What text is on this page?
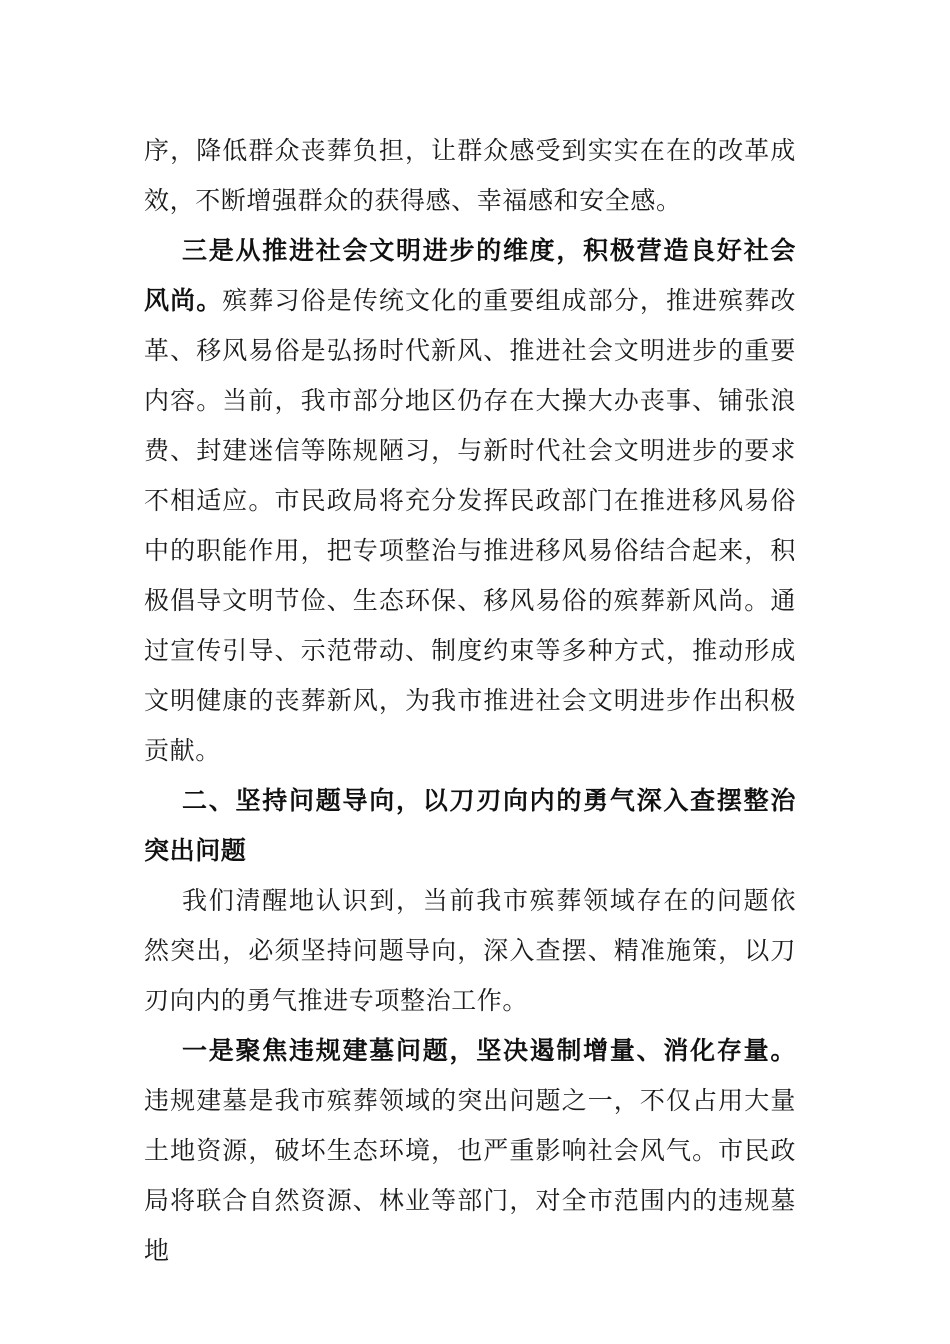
序，降低群众丧葬负担，让群众感受到实实在在的改革成效，不断增强群众的获得感、幸福感和安全感。

三是从推进社会文明进步的维度，积极营造良好社会风尚。殡葬习俗是传统文化的重要组成部分，推进殡葬改革、移风易俗是弘扬时代新风、推进社会文明进步的重要内容。当前，我市部分地区仍存在大操大办丧事、铺张浪费、封建迷信等陈规陋习，与新时代社会文明进步的要求不相适应。市民政局将充分发挥民政部门在推进移风易俗中的职能作用，把专项整治与推进移风易俗结合起来，积极倡导文明节俭、生态环保、移风易俗的殡葬新风尚。通过宣传引导、示范带动、制度约束等多种方式，推动形成文明健康的丧葬新风，为我市推进社会文明进步作出积极贡献。

二、坚持问题导向，以刀刃向内的勇气深入查摆整治突出问题

我们清醒地认识到，当前我市殡葬领域存在的问题依然突出，必须坚持问题导向，深入查摆、精准施策，以刀刃向内的勇气推进专项整治工作。

一是聚焦违规建墓问题，坚决遏制增量、消化存量。违规建墓是我市殡葬领域的突出问题之一，不仅占用大量土地资源，破坏生态环境，也严重影响社会风气。市民政局将联合自然资源、林业等部门，对全市范围内的违规墓地
